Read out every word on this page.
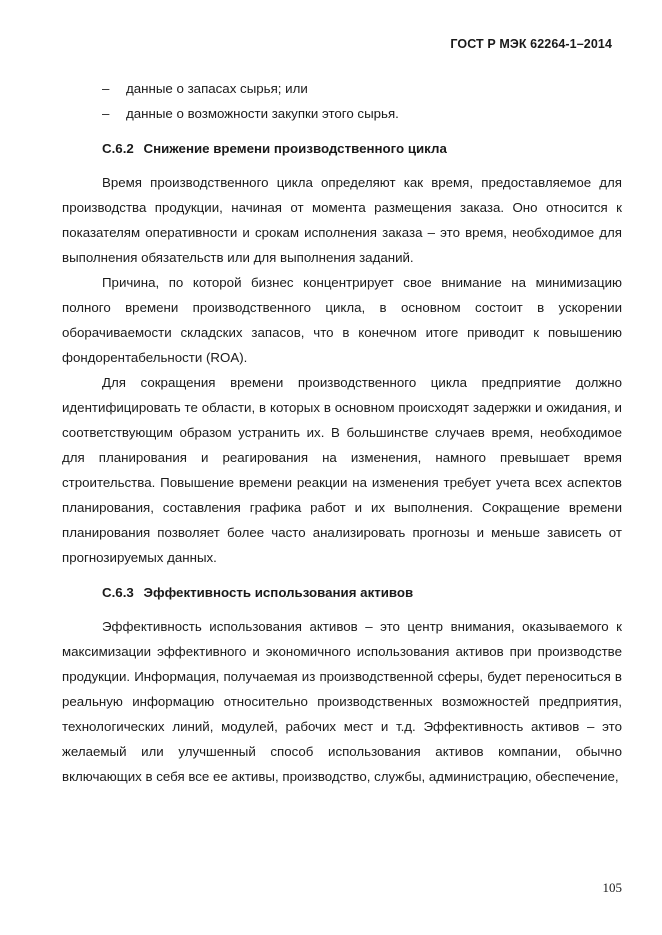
ГОСТ Р МЭК 62264-1–2014
–	данные о запасах сырья; или
–	данные о возможности закупки этого сырья.
С.6.2 Снижение времени производственного цикла

Время производственного цикла определяют как время, предоставляемое для производства продукции, начиная от момента размещения заказа. Оно относится к показателям оперативности и срокам исполнения заказа – это время, необходимое для выполнения обязательств или для выполнения заданий.

Причина, по которой бизнес концентрирует свое внимание на минимизацию полного времени производственного цикла, в основном состоит в ускорении оборачиваемости складских запасов, что в конечном итоге приводит к повышению фондорентабельности (ROA).

Для сокращения времени производственного цикла предприятие должно идентифицировать те области, в которых в основном происходят задержки и ожидания, и соответствующим образом устранить их. В большинстве случаев время, необходимое для планирования и реагирования на изменения, намного превышает время строительства. Повышение времени реакции на изменения требует учета всех аспектов планирования, составления графика работ и их выполнения. Сокращение времени планирования позволяет более часто анализировать прогнозы и меньше зависеть от прогнозируемых данных.

С.6.3 Эффективность использования активов

Эффективность использования активов – это центр внимания, оказываемого к максимизации эффективного и экономичного использования активов при производстве продукции. Информация, получаемая из производственной сферы, будет переноситься в реальную информацию относительно производственных возможностей предприятия, технологических линий, модулей, рабочих мест и т.д. Эффективность активов – это желаемый или улучшенный способ использования активов компании, обычно включающих в себя все ее активы, производство, службы, администрацию, обеспечение,

105
